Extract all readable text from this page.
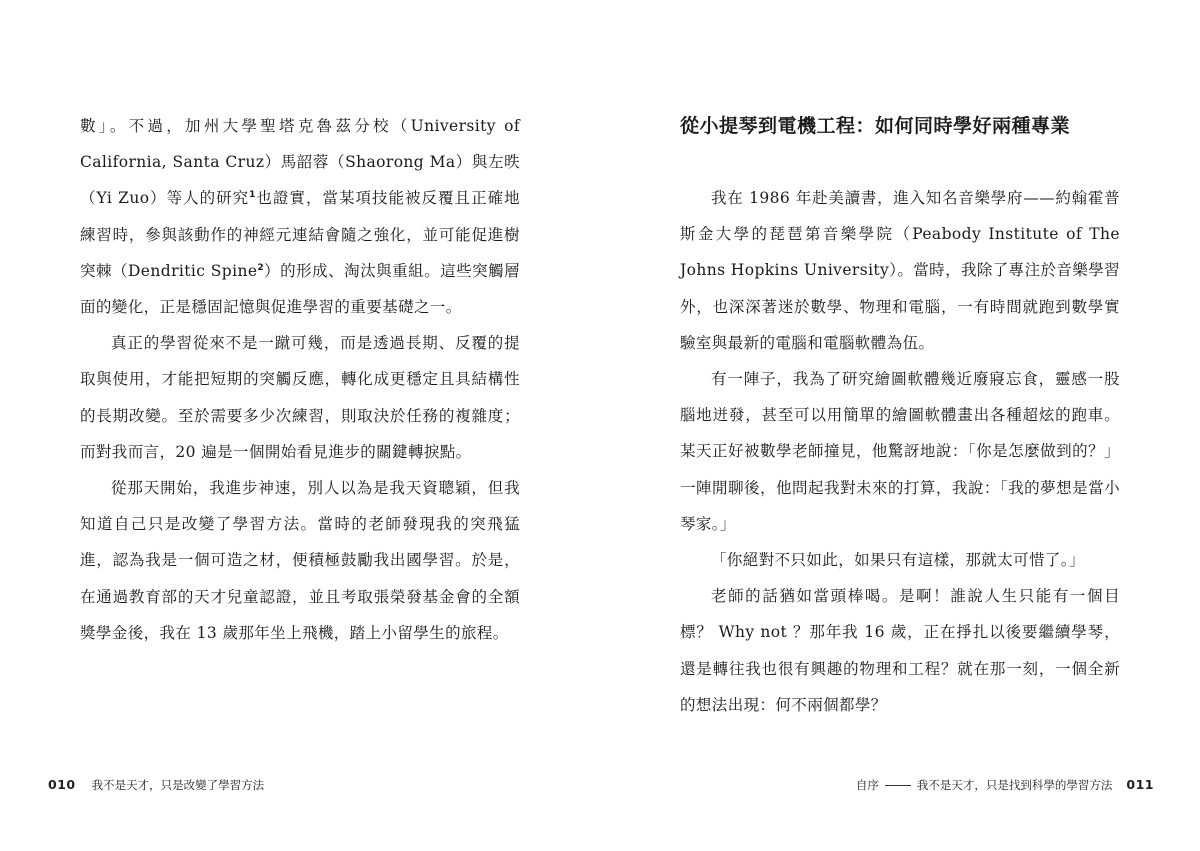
數」。不過，加州大學聖塔克魯茲分校（University of California, Santa Cruz）馬韶蓉（Shaorong Ma）與左昳（Yi Zuo）等人的研究$^1$也證實，當某項技能被反覆且正確地練習時，參與該動作的神經元連結會隨之強化，並可能促進樹突棘（Dendritic Spine$^2$）的形成、淘汰與重組。這些突觸層面的變化，正是穩固記憶與促進學習的重要基礎之一。

真正的學習從來不是一蹴可幾，而是透過長期、反覆的提取與使用，才能把短期的突觸反應，轉化成更穩定且具結構性的長期改變。至於需要多少次練習，則取決於任務的複雜度；而對我而言，20 遍是一個開始看見進步的關鍵轉捩點。

從那天開始，我進步神速，別人以為是我天資聰穎，但我知道自己只是改變了學習方法。當時的老師發現我的突飛猛進，認為我是一個可造之材，便積極鼓勵我出國學習。於是，在通過教育部的天才兒童認證，並且考取張榮發基金會的全額獎學金後，我在 13 歲那年坐上飛機，踏上小留學生的旅程。

010 我不是天才，只是改變了學習方法
從小提琴到電機工程：如何同時學好兩種專業

我在 1986 年赴美讀書，進入知名音樂學府——約翰霍普斯金大學的琵琶第音樂學院（Peabody Institute of The Johns Hopkins University）。當時，我除了專注於音樂學習外，也深深著迷於數學、物理和電腦，一有時間就跑到數學實驗室與最新的電腦和電腦軟體為伍。

有一陣子，我為了研究繪圖軟體幾近廢寢忘食，靈感一股腦地迸發，甚至可以用簡單的繪圖軟體畫出各種超炫的跑車。某天正好被數學老師撞見，他驚訝地說：「你是怎麼做到的？」一陣閒聊後，他問起我對未來的打算，我說：「我的夢想是當小琴家。」

「你絕對不只如此，如果只有這樣，那就太可惜了。」

老師的話猶如當頭棒喝。是啊！誰說人生只能有一個目標？ Why not ？那年我 16 歲，正在掙扎以後要繼續學琴，還是轉往我也很有興趣的物理和工程？就在那一刻，一個全新的想法出現：何不兩個都學？

自序	我不是天才，只是找到科學的學習方法 011
